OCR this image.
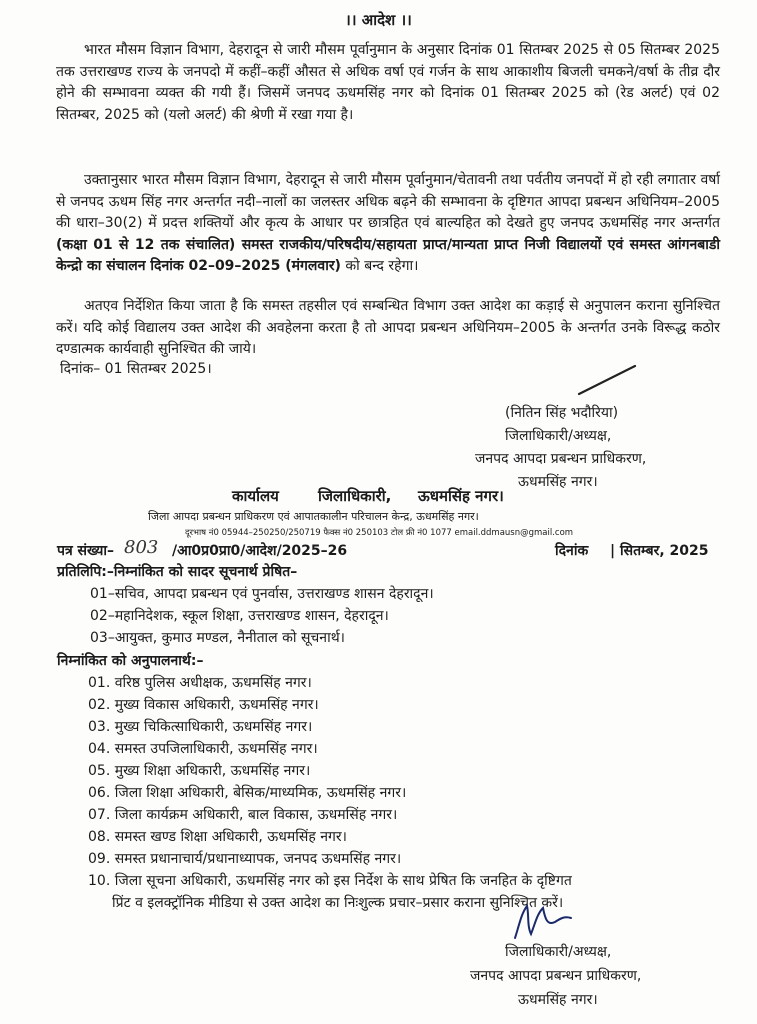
।। आदेश ।।
भारत मौसम विज्ञान विभाग, देहरादून से जारी मौसम पूर्वानुमान के अनुसार दिनांक 01 सितम्बर 2025 से 05 सितम्बर 2025 तक उत्तराखण्ड राज्य के जनपदो में कहीं–कहीं औसत से अधिक वर्षा एवं गर्जन के साथ आकाशीय बिजली चमकने/वर्षा के तीव्र दौर होने की सम्भावना व्यक्त की गयी हैं। जिसमें जनपद ऊधमसिंह नगर को दिनांक 01 सितम्बर 2025 को (रेड अलर्ट) एवं 02 सितम्बर, 2025 को (यलो अलर्ट) की श्रेणी में रखा गया है।
उक्तानुसार भारत मौसम विज्ञान विभाग, देहरादून से जारी मौसम पूर्वानुमान/चेतावनी तथा पर्वतीय जनपदों में हो रही लगातार वर्षा से जनपद ऊधम सिंह नगर अन्तर्गत नदी–नालों का जलस्तर अधिक बढ़ने की सम्भावना के दृष्टिगत आपदा प्रबन्धन अधिनियम–2005 की धारा–30(2) में प्रदत्त शक्तियों और कृत्य के आधार पर छात्रहित एवं बाल्यहित को देखते हुए जनपद ऊधमसिंह नगर अन्तर्गत (कक्षा 01 से 12 तक संचालित) समस्त राजकीय/परिषदीय/सहायता प्राप्त/मान्यता प्राप्त निजी विद्यालयों एवं समस्त आंगनबाडी केन्द्रो का संचालन दिनांक 02–09–2025 (मंगलवार) को बन्द रहेगा।
अतएव निर्देशित किया जाता है कि समस्त तहसील एवं सम्बन्धित विभाग उक्त आदेश का कड़ाई से अनुपालन कराना सुनिश्चित करें। यदि कोई विद्यालय उक्त आदेश की अवहेलना करता है तो आपदा प्रबन्धन अधिनियम–2005 के अन्तर्गत उनके विरूद्ध कठोर दण्डात्मक कार्यवाही सुनिश्चित की जाये।
दिनांक– 01 सितम्बर 2025।
(नितिन सिंह भदौरिया)
जिलाधिकारी/अध्यक्ष,
जनपद आपदा प्रबन्धन प्राधिकरण,
ऊधमसिंह नगर।
कार्यालय	जिलाधिकारी, ऊधमसिंह नगर।
जिला आपदा प्रबन्धन प्राधिकरण एवं आपातकालीन परिचालन केन्द्र, ऊधमसिंह नगर।
दूरभाष नं0 05944–250250/250719 फैक्स नं0 250103 टोल फ्री नं0 1077 email.ddmausn@gmail.com
पत्र संख्या– 803 /आ0प्र0प्रा0/आदेश/2025–26	दिनांक | सितम्बर, 2025
प्रतिलिपि:–निम्नांकित को सादर सूचनार्थ प्रेषित–
01–सचिव, आपदा प्रबन्धन एवं पुनर्वास, उत्तराखण्ड शासन देहरादून।
02–महानिदेशक, स्कूल शिक्षा, उत्तराखण्ड शासन, देहरादून।
03–आयुक्त, कुमाउ मण्डल, नैनीताल को सूचनार्थ।
निम्नांकित को अनुपालनार्थ:–
01. वरिष्ठ पुलिस अधीक्षक, ऊधमसिंह नगर।
02. मुख्य विकास अधिकारी, ऊधमसिंह नगर।
03. मुख्य चिकित्साधिकारी, ऊधमसिंह नगर।
04. समस्त उपजिलाधिकारी, ऊधमसिंह नगर।
05. मुख्य शिक्षा अधिकारी, ऊधमसिंह नगर।
06. जिला शिक्षा अधिकारी, बेसिक/माध्यमिक, ऊधमसिंह नगर।
07. जिला कार्यक्रम अधिकारी, बाल विकास, ऊधमसिंह नगर।
08. समस्त खण्ड शिक्षा अधिकारी, ऊधमसिंह नगर।
09. समस्त प्रधानाचार्य/प्रधानाध्यापक, जनपद ऊधमसिंह नगर।
10. जिला सूचना अधिकारी, ऊधमसिंह नगर को इस निर्देश के साथ प्रेषित कि जनहित के दृष्टिगत
प्रिंट व इलक्ट्रॉनिक मीडिया से उक्त आदेश का निःशुल्क प्रचार–प्रसार कराना सुनिश्चित करें।
जिलाधिकारी/अध्यक्ष,
जनपद आपदा प्रबन्धन प्राधिकरण,
ऊधमसिंह नगर।
